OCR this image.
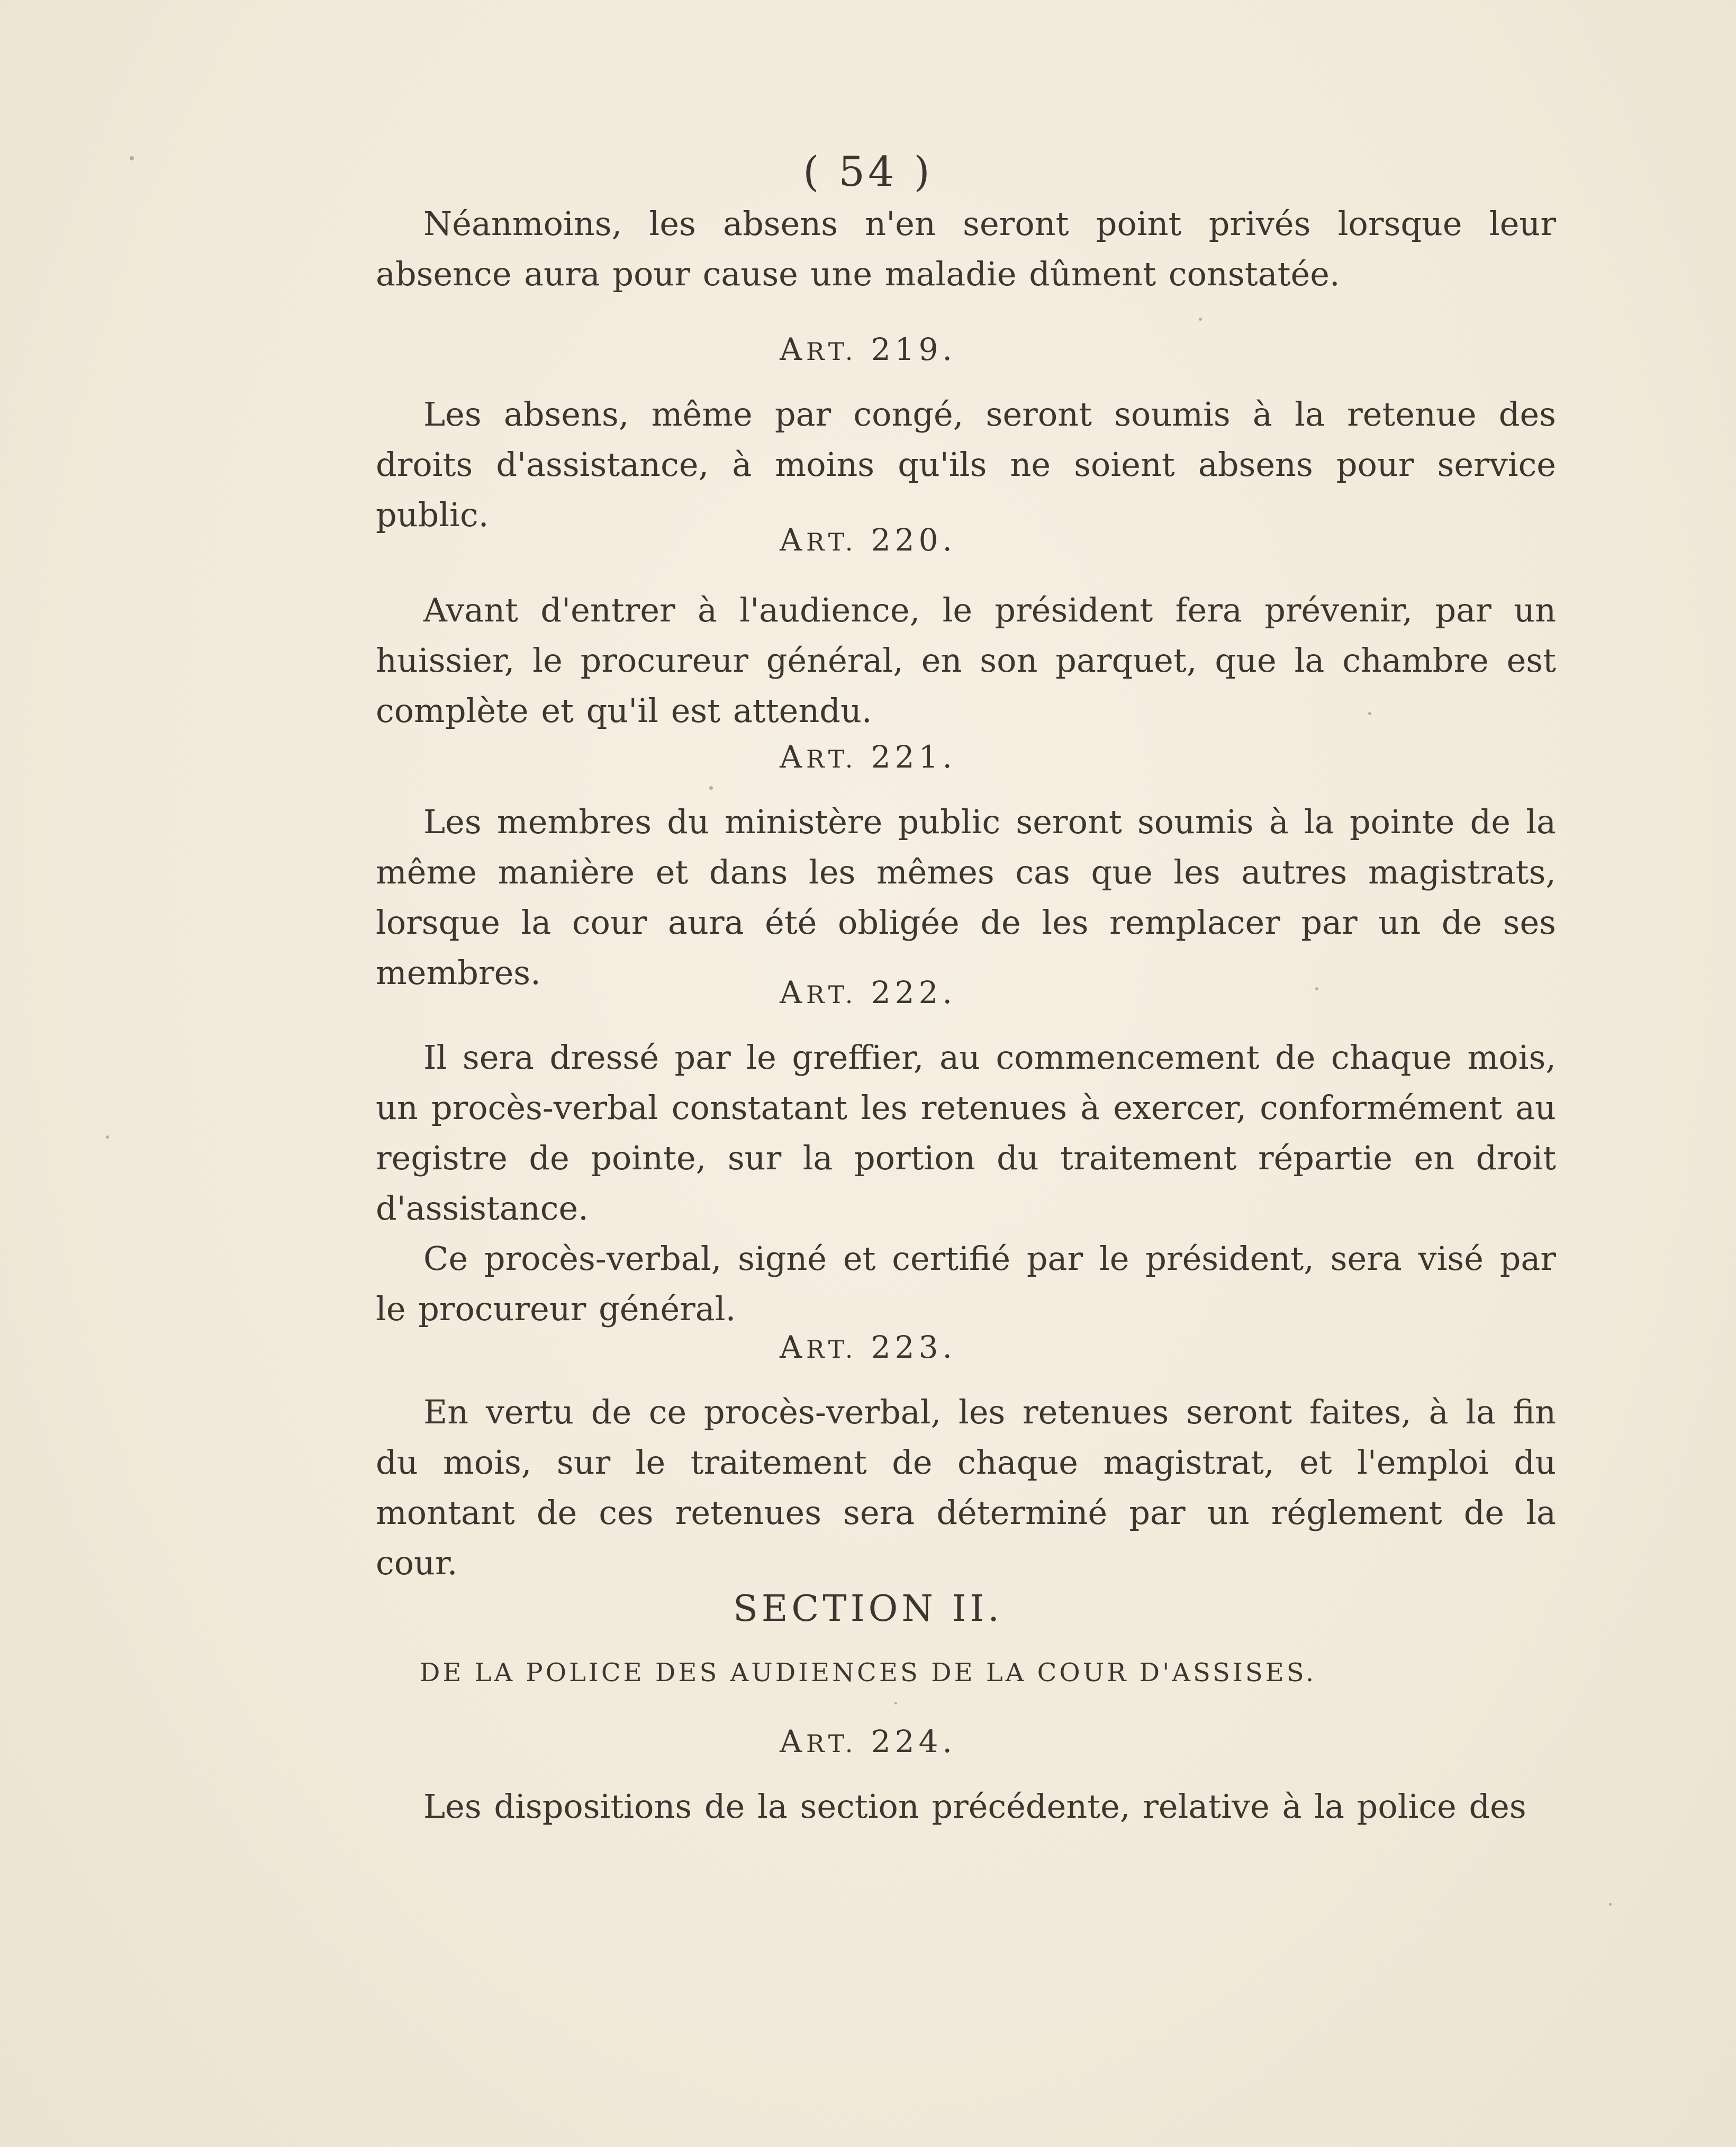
( 54 )

Néanmoins, les absens n'en seront point privés lorsque leur absence aura pour cause une maladie dûment constatée.

ART. 219.

Les absens, même par congé, seront soumis à la retenue des droits d'assistance, à moins qu'ils ne soient absens pour service public.

ART. 220.

Avant d'entrer à l'audience, le président fera prévenir, par un huissier, le procureur général, en son parquet, que la chambre est complète et qu'il est attendu.

ART. 221.

Les membres du ministère public seront soumis à la pointe de la même manière et dans les mêmes cas que les autres magistrats, lorsque la cour aura été obligée de les remplacer par un de ses membres.

ART. 222.

Il sera dressé par le greffier, au commencement de chaque mois, un procès-verbal constatant les retenues à exercer, conformément au registre de pointe, sur la portion du traitement répartie en droit d'assistance.

Ce procès-verbal, signé et certifié par le président, sera visé par le procureur général.

ART. 223.

En vertu de ce procès-verbal, les retenues seront faites, à la fin du mois, sur le traitement de chaque magistrat, et l'emploi du montant de ces retenues sera déterminé par un réglement de la cour.

SECTION II.
DE LA POLICE DES AUDIENCES DE LA COUR D'ASSISES.
ART. 224.

Les dispositions de la section précédente, relative à la police des
